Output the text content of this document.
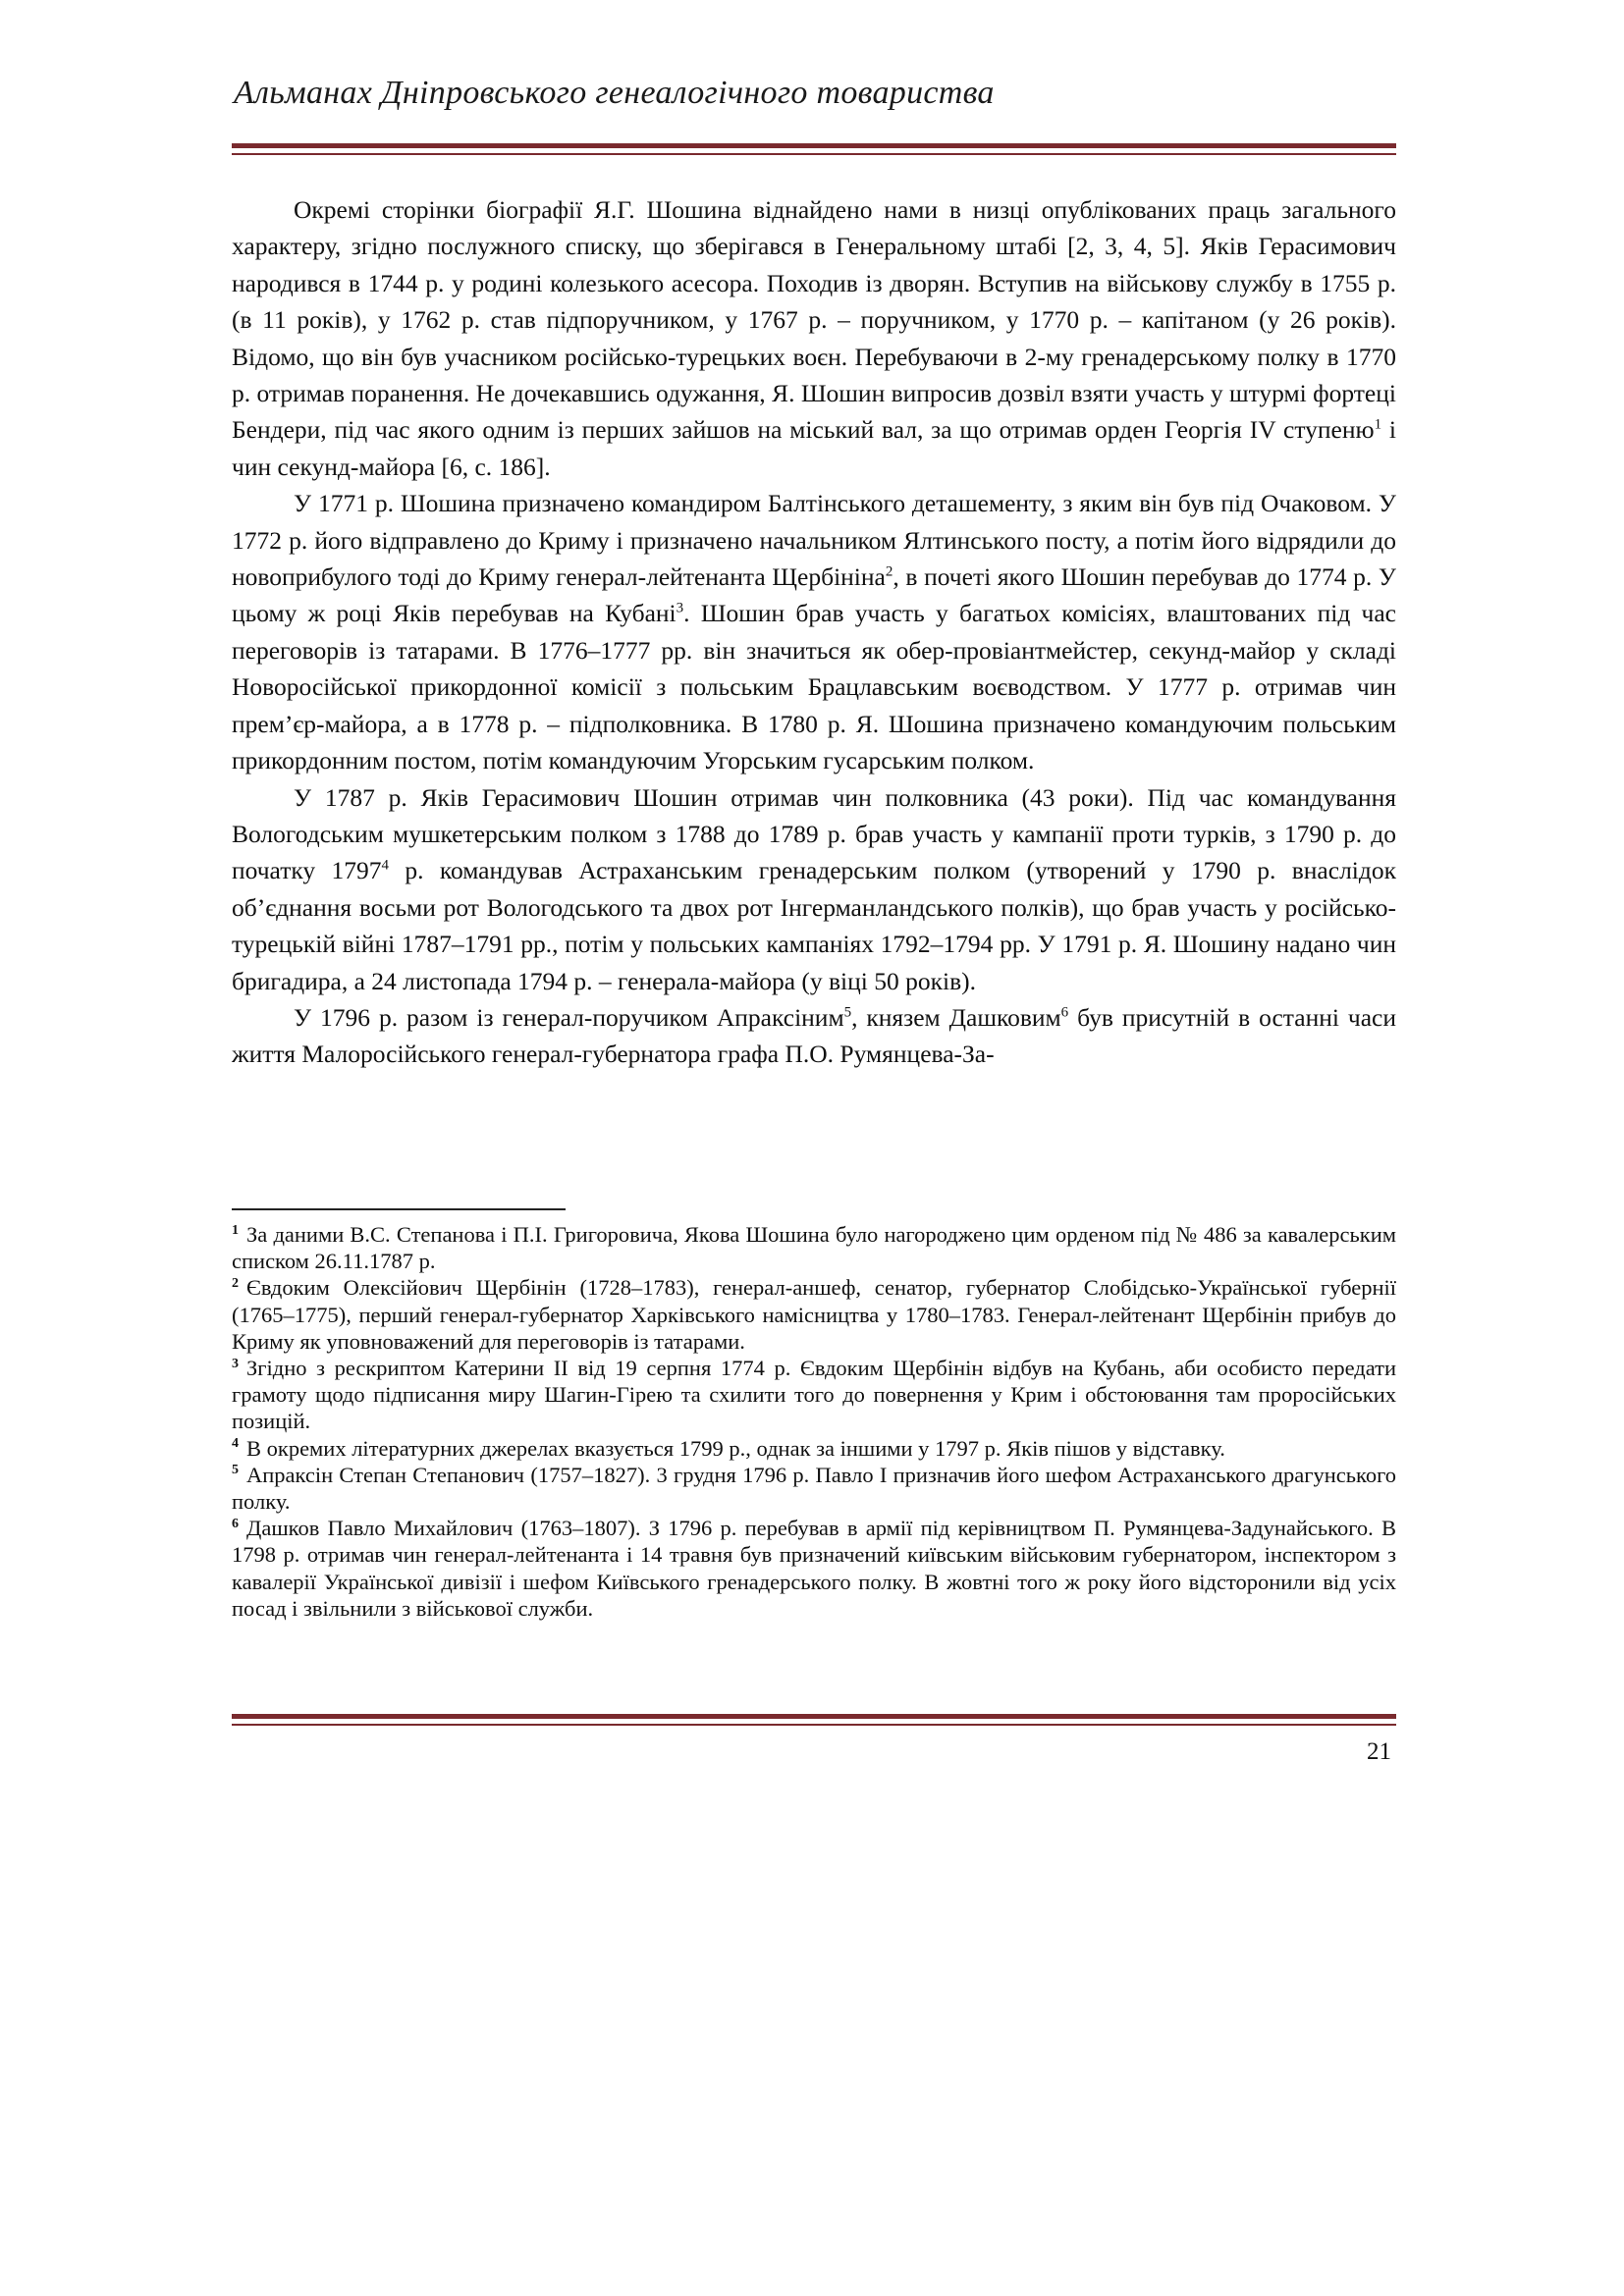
Альманах Дніпровського генеалогічного товариства

Окремі сторінки біографії Я.Г. Шошина віднайдено нами в низці опублікованих праць загального характеру, згідно послужного списку, що зберігався в Генеральному штабі [2, 3, 4, 5]. Яків Герасимович народився в 1744 р. у родині колезького асесора. Походив із дворян. Вступив на військову службу в 1755 р. (в 11 років), у 1762 р. став підпоручником, у 1767 р. – поручником, у 1770 р. – капітаном (у 26 років). Відомо, що він був учасником російсько-турецьких воєн. Перебуваючи в 2-му гренадерському полку в 1770 р. отримав поранення. Не дочекавшись одужання, Я. Шошин випросив дозвіл взяти участь у штурмі фортеці Бендери, під час якого одним із перших зайшов на міський вал, за що отримав орден Георгія IV ступеню$^1$ і чин секунд-майора [6, с. 186].

У 1771 р. Шошина призначено командиром Балтінського деташементу, з яким він був під Очаковом. У 1772 р. його відправлено до Криму і призначено начальником Ялтинського посту, а потім його відрядили до новоприбулого тоді до Криму генерал-лейтенанта Щербініна$^2$, в почеті якого Шошин перебував до 1774 р. У цьому ж році Яків перебував на Кубані$^3$. Шошин брав участь у багатьох комісіях, влаштованих під час переговорів із татарами. В 1776–1777 рр. він значиться як обер-провіантмейстер, секунд-майор у складі Новоросійської прикордонної комісії з польським Брацлавським воєводством. У 1777 р. отримав чин прем’єр-майора, а в 1778 р. – підполковника. В 1780 р. Я. Шошина призначено командуючим польським прикордонним постом, потім командуючим Угорським гусарським полком.

У 1787 р. Яків Герасимович Шошин отримав чин полковника (43 роки). Під час командування Вологодським мушкетерським полком з 1788 до 1789 р. брав участь у кампанії проти турків, з 1790 р. до початку 1797$^4$ р. командував Астраханським гренадерським полком (утворений у 1790 р. внаслідок об’єднання восьми рот Вологодського та двох рот Інгерманландського полків), що брав участь у російсько-турецькій війні 1787–1791 рр., потім у польських кампаніях 1792–1794 рр. У 1791 р. Я. Шошину надано чин бригадира, а 24 листопада 1794 р. – генерала-майора (у віці 50 років).

У 1796 р. разом із генерал-поручиком Апраксіним$^5$, князем Дашковим$^6$ був присутній в останні часи життя Малоросійського генерал-губернатора графа П.О. Румянцева-За-

$^1$ За даними В.С. Степанова і П.І. Григоровича, Якова Шошина було нагороджено цим орденом під № 486 за кавалерським списком 26.11.1787 р.

$^2$ Євдоким Олексійович Щербінін (1728–1783), генерал-аншеф, сенатор, губернатор Слобідсько-Української губернії (1765–1775), перший генерал-губернатор Харківського намісництва у 1780–1783. Генерал-лейтенант Щербінін прибув до Криму як уповноважений для переговорів із татарами.

$^3$ Згідно з рескриптом Катерини II від 19 серпня 1774 р. Євдоким Щербінін відбув на Кубань, аби особисто передати грамоту щодо підписання миру Шагин-Гірею та схилити того до повернення у Крим і обстоювання там проросійських позицій.

$^4$ В окремих літературних джерелах вказується 1799 р., однак за іншими у 1797 р. Яків пішов у відставку.

$^5$ Апраксін Степан Степанович (1757–1827). 3 грудня 1796 р. Павло І призначив його шефом Астраханського драгунського полку.

$^6$ Дашков Павло Михайлович (1763–1807). З 1796 р. перебував в армії під керівництвом П. Румянцева-Задунайського. В 1798 р. отримав чин генерал-лейтенанта і 14 травня був призначений київським військовим губернатором, інспектором з кавалерії Української дивізії і шефом Київського гренадерського полку. В жовтні того ж року його відсторонили від усіх посад і звільнили з військової служби.

21
